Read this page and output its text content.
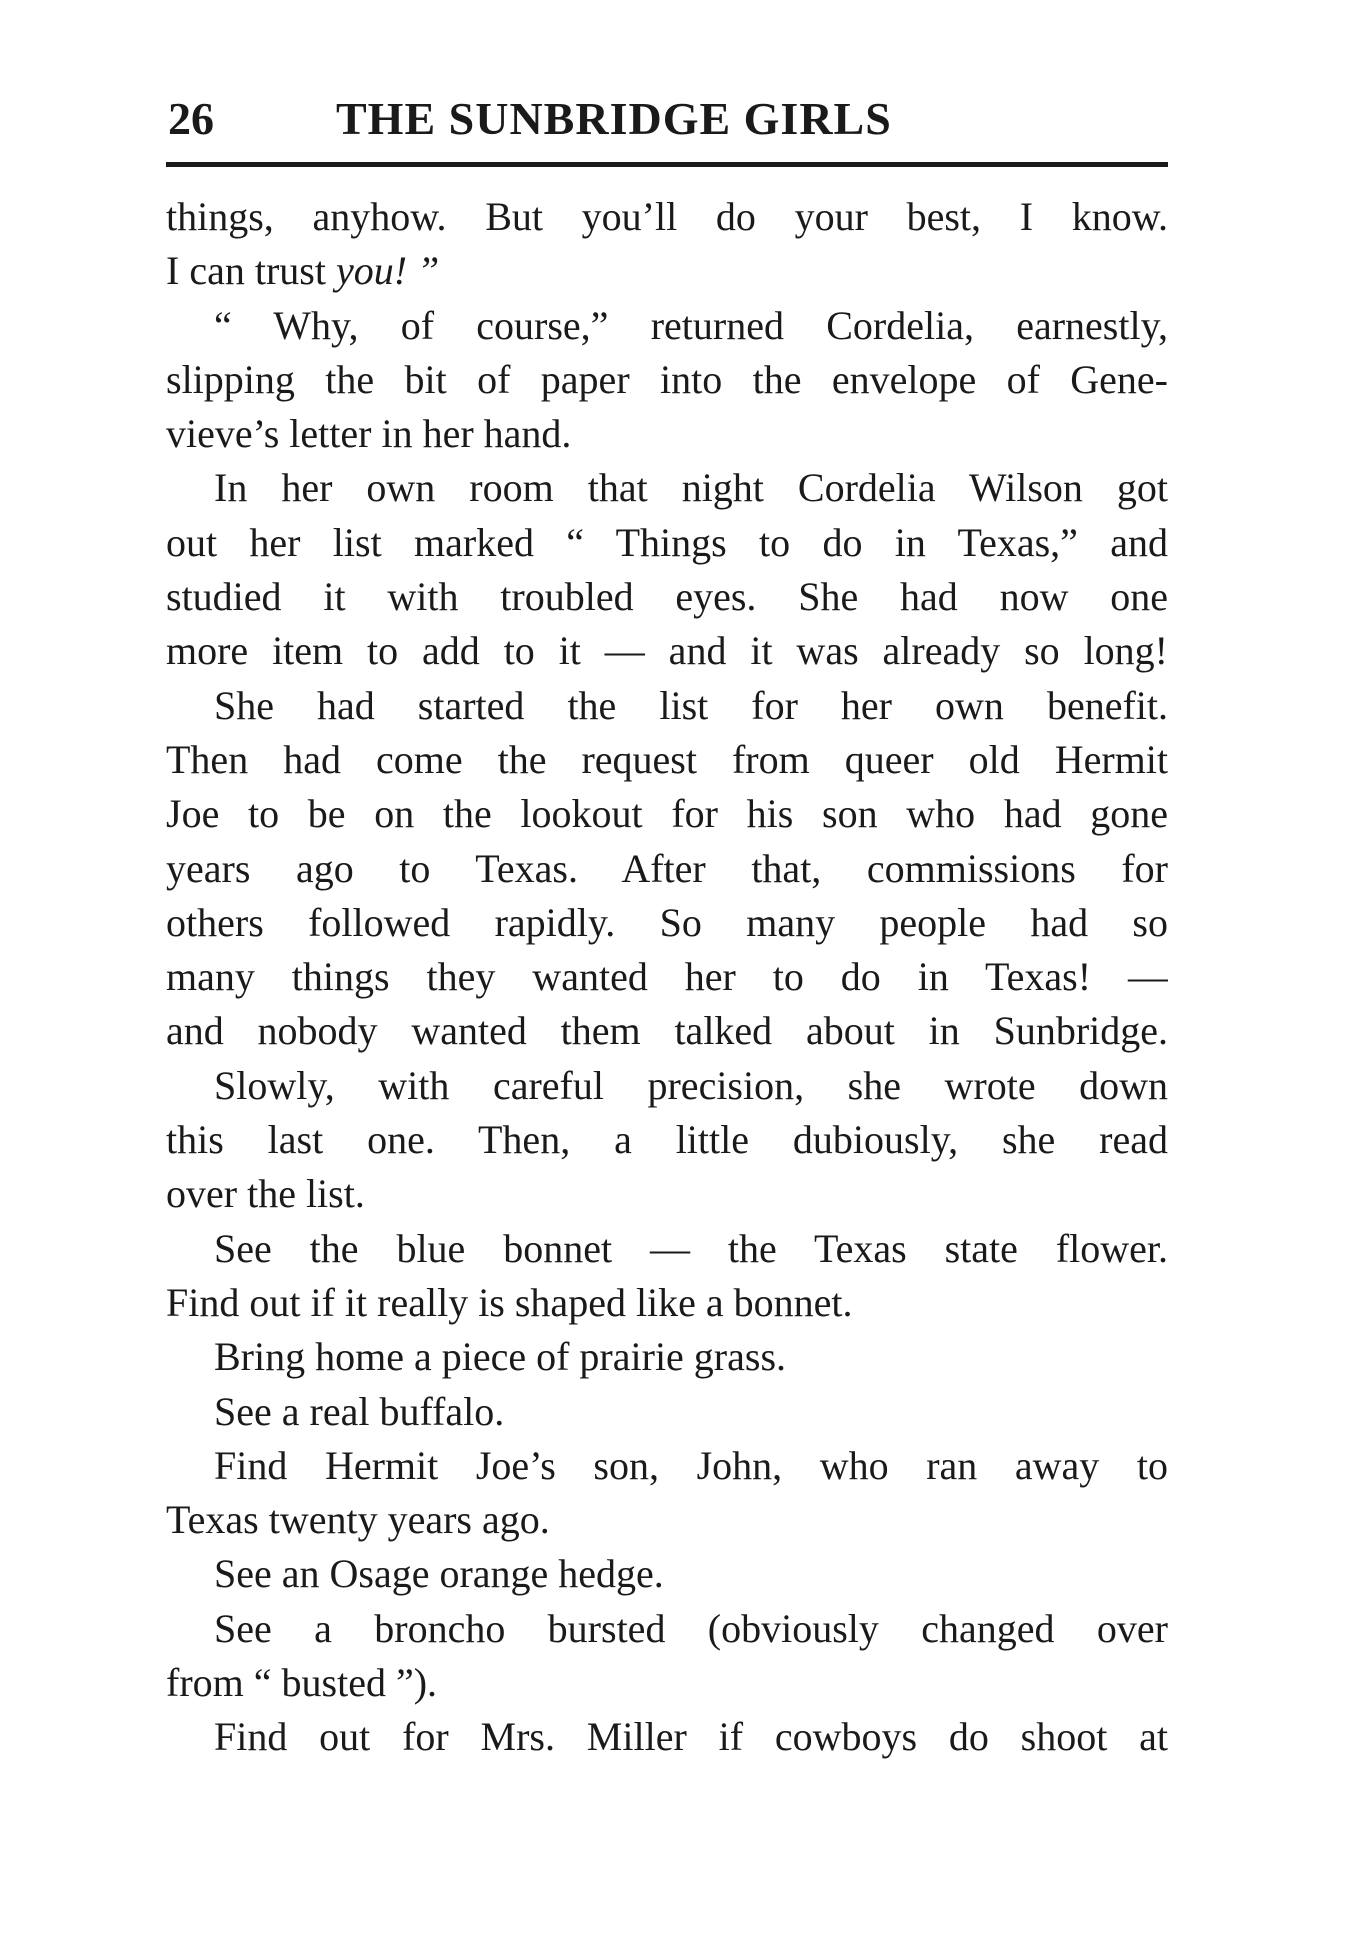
26	THE SUNBRIDGE GIRLS
things, anyhow. But you’ll do your best, I know.
I can trust you! ”
“ Why, of course,” returned Cordelia, earnestly,
slipping the bit of paper into the envelope of Gene-
vieve’s letter in her hand.
In her own room that night Cordelia Wilson got
out her list marked “ Things to do in Texas,” and
studied it with troubled eyes. She had now one
more item to add to it — and it was already so long!
She had started the list for her own benefit.
Then had come the request from queer old Hermit
Joe to be on the lookout for his son who had gone
years ago to Texas. After that, commissions for
others followed rapidly. So many people had so
many things they wanted her to do in Texas! —
and nobody wanted them talked about in Sunbridge.
Slowly, with careful precision, she wrote down
this last one. Then, a little dubiously, she read
over the list.
See the blue bonnet — the Texas state flower.
Find out if it really is shaped like a bonnet.
Bring home a piece of prairie grass.
See a real buffalo.
Find Hermit Joe’s son, John, who ran away to
Texas twenty years ago.
See an Osage orange hedge.
See a broncho bursted (obviously changed over
from “ busted ”).
Find out for Mrs. Miller if cowboys do shoot at
